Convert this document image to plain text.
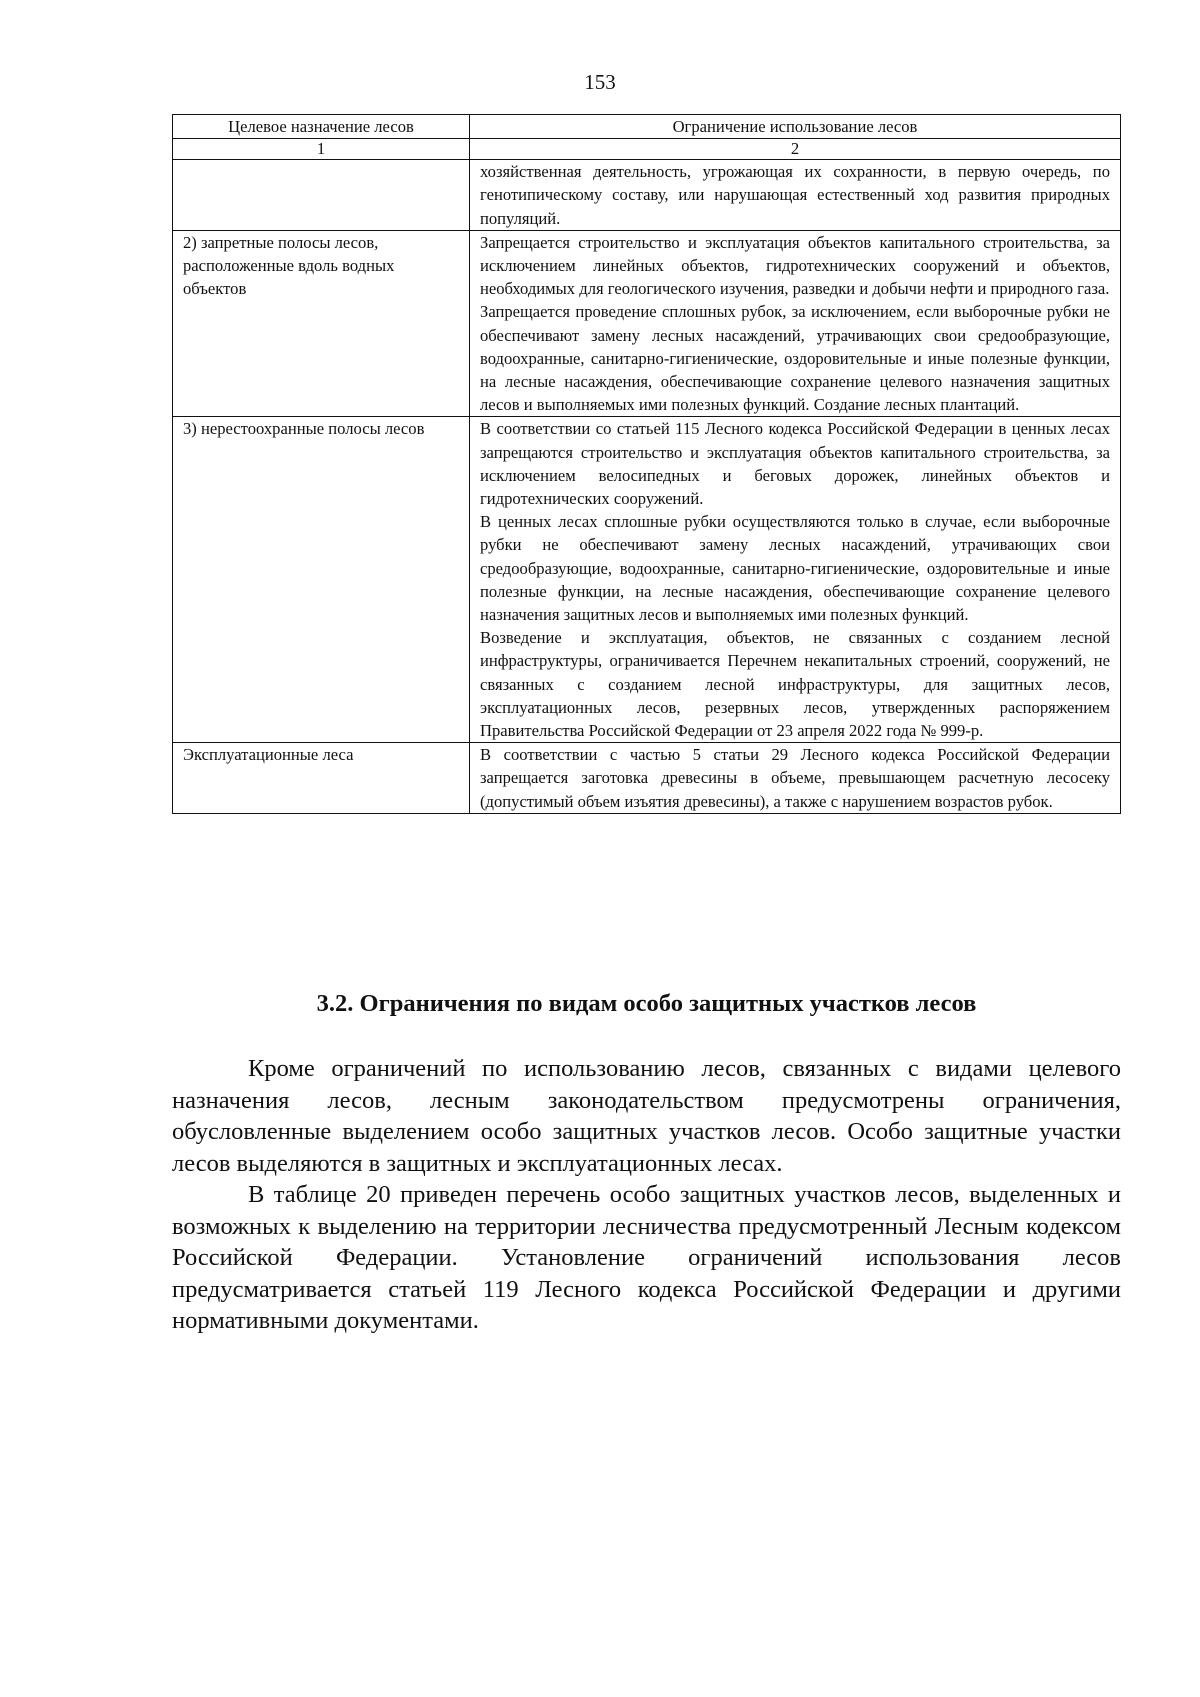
153
Целевое назначение лесов	Ограничение использование лесов
1	2

	хозяйственная деятельность, угрожающая их сохранности, в первую очередь, по генотипическому составу, или нарушающая естественный ход развития природных популяций.

2) запретные полосы лесов, расположенные вдоль водных объектов	Запрещается строительство и эксплуатация объектов капитального строительства, за исключением линейных объектов, гидротехнических сооружений и объектов, необходимых для геологического изучения, разведки и добычи нефти и природного газа.

Запрещается проведение сплошных рубок, за исключением, если выборочные рубки не обеспечивают замену лесных насаждений, утрачивающих свои средообразующие, водоохранные, санитарно-гигиенические, оздоровительные и иные полезные функции, на лесные насаждения, обеспечивающие сохранение целевого назначения защитных лесов и выполняемых ими полезных функций. Создание лесных плантаций.

3) нерестоохранные полосы лесов	В соответствии со статьей 115 Лесного кодекса Российской Федерации в ценных лесах запрещаются строительство и эксплуатация объектов капитального строительства, за исключением велосипедных и беговых дорожек, линейных объектов и гидротехнических сооружений.

В ценных лесах сплошные рубки осуществляются только в случае, если выборочные рубки не обеспечивают замену лесных насаждений, утрачивающих свои средообразующие, водоохранные, санитарно-гигиенические, оздоровительные и иные полезные функции, на лесные насаждения, обеспечивающие сохранение целевого назначения защитных лесов и выполняемых ими полезных функций.

Возведение и эксплуатация, объектов, не связанных с созданием лесной инфраструктуры, ограничивается Перечнем некапитальных строений, сооружений, не связанных с созданием лесной инфраструктуры, для защитных лесов, эксплуатационных лесов, резервных лесов, утвержденных распоряжением Правительства Российской Федерации от 23 апреля 2022 года № 999-р.

Эксплуатационные леса	В соответствии с частью 5 статьи 29 Лесного кодекса Российской Федерации запрещается заготовка древесины в объеме, превышающем расчетную лесосеку (допустимый объем изъятия древесины), а также с нарушением возрастов рубок.

3.2. Ограничения по видам особо защитных участков лесов

Кроме ограничений по использованию лесов, связанных с видами целевого назначения лесов, лесным законодательством предусмотрены ограничения, обусловленные выделением особо защитных участков лесов. Особо защитные участки лесов выделяются в защитных и эксплуатационных лесах.

В таблице 20 приведен перечень особо защитных участков лесов, выделенных и возможных к выделению на территории лесничества предусмотренный Лесным кодексом Российской Федерации. Установление ограничений использования лесов предусматривается статьей 119 Лесного кодекса Российской Федерации и другими нормативными документами.
